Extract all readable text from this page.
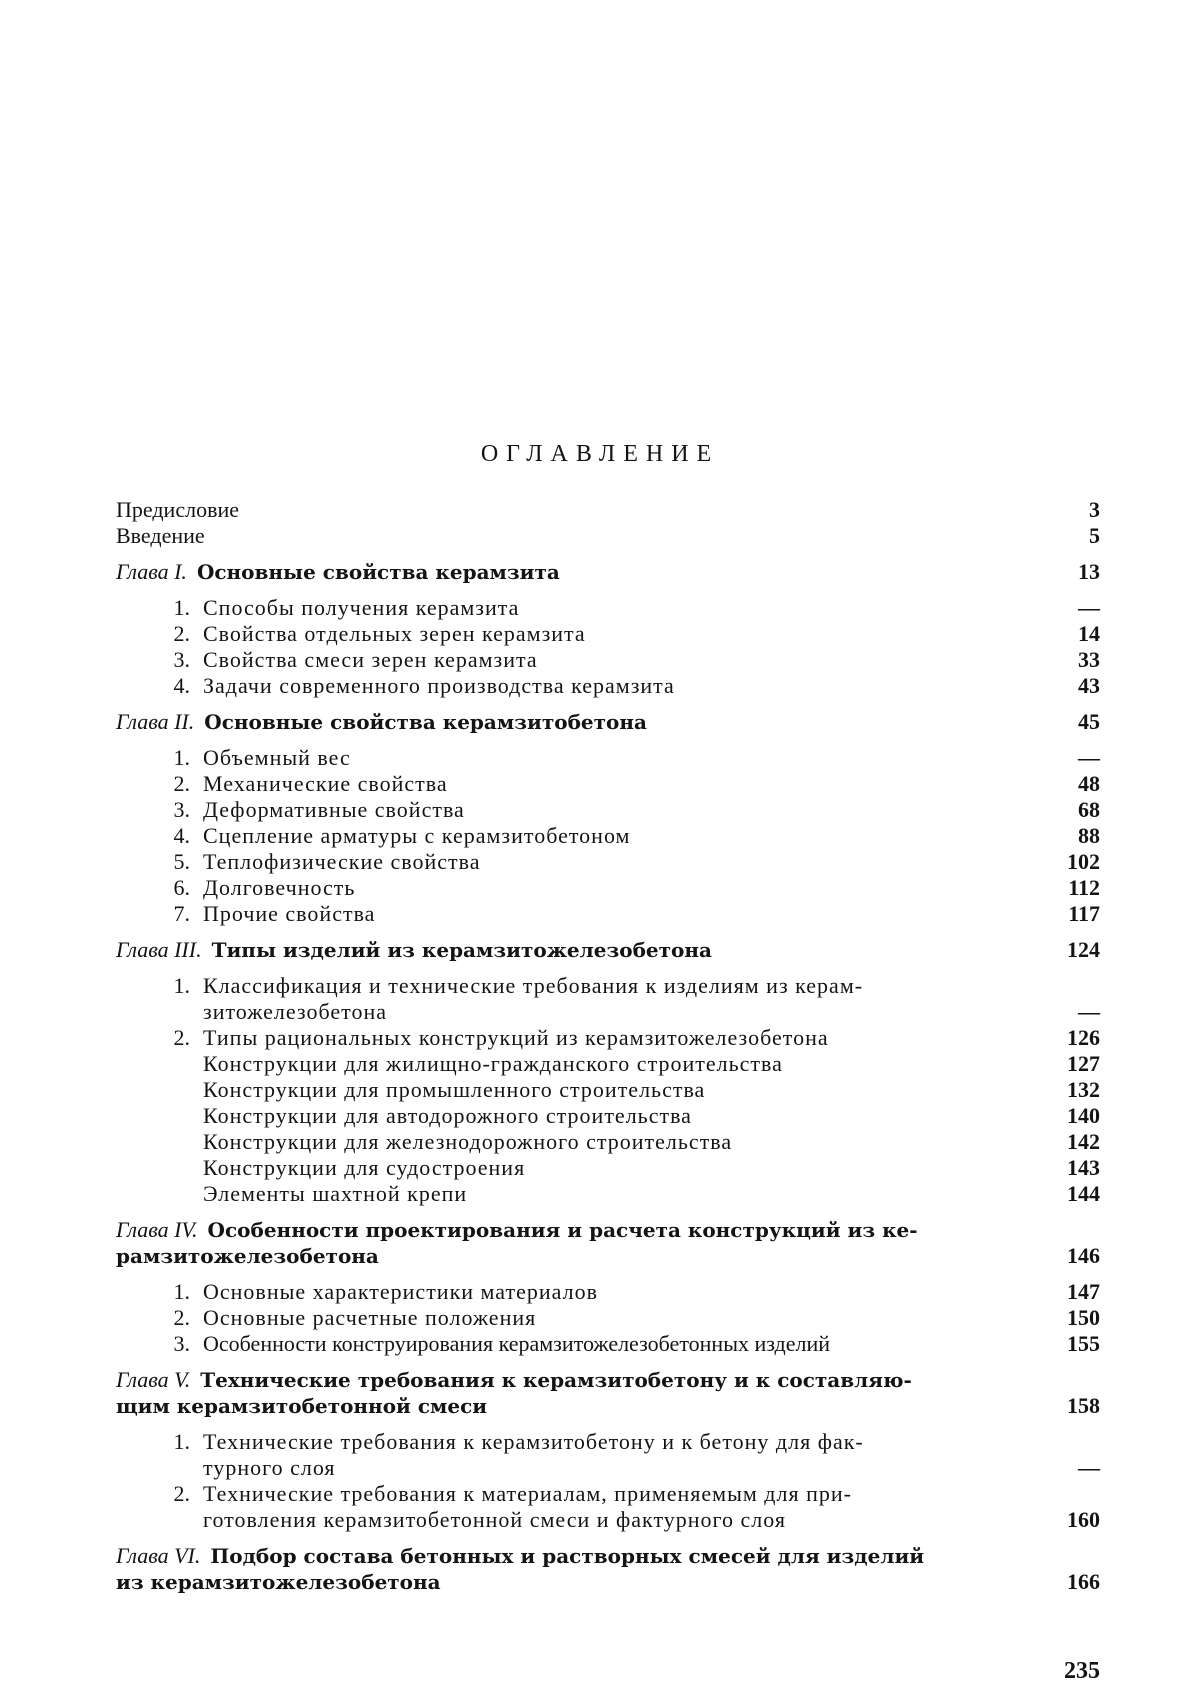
ОГЛАВЛЕНИЕ
Предисловие	3
Введение	5
Глава I. Основные свойства керамзита	13
1. Способы получения керамзита	—
2. Свойства отдельных зерен керамзита	14
3. Свойства смеси зерен керамзита	33
4. Задачи современного производства керамзита	43
Глава II. Основные свойства керамзитобетона	45
1. Объемный вес	—
2. Механические свойства	48
3. Деформативные свойства	68
4. Сцепление арматуры с керамзитобетоном	88
5. Теплофизические свойства	102
6. Долговечность	112
7. Прочие свойства	117
Глава III. Типы изделий из керамзитожелезобетона	124
1. Классификация и технические требования к изделиям из керам-
зитожелезобетона	—
2. Типы рациональных конструкций из керамзитожелезобетона	126
Конструкции для жилищно-гражданского строительства	127
Конструкции для промышленного строительства	132
Конструкции для автодорожного строительства	140
Конструкции для железнодорожного строительства	142
Конструкции для судостроения	143
Элементы шахтной крепи	144
Глава IV. Особенности проектирования и расчета конструкций из ке-
рамзитожелезобетона	146
1. Основные характеристики материалов	147
2. Основные расчетные положения	150
3. Особенности конструирования керамзитожелезобетонных изделий	155
Глава V. Технические требования к керамзитобетону и к составляю-
щим керамзитобетонной смеси	158
1. Технические требования к керамзитобетону и к бетону для фак-
турного слоя	—
2. Технические требования к материалам, применяемым для при-
готовления керамзитобетонной смеси и фактурного слоя	160
Глава VI. Подбор состава бетонных и растворных смесей для изделий
из керамзитожелезобетона	166
235
